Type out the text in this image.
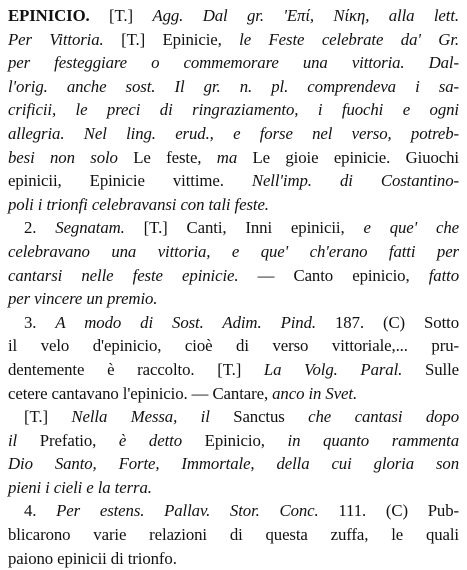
EPINICIO. [T.] Agg. Dal gr. 'Επί, Νίκη, alla lett.
Per Vittoria. [T.] Epinicie, le Feste celebrate da' Gr.
per festeggiare o commemorare una vittoria. Dal-
l'orig. anche sost. Il gr. n. pl. comprendeva i sa-
crificii, le preci di ringraziamento, i fuochi e ogni
allegria. Nel ling. erud., e forse nel verso, potreb-
besi non solo Le feste, ma Le gioie epinicie. Giuochi
epinicii, Epinicie vittime. Nell'imp. di Costantino-
poli i trionfi celebravansi con tali feste.
2. Segnatam. [T.] Canti, Inni epinicii, e que' che
celebravano una vittoria, e que' ch'erano fatti per
cantarsi nelle feste epinicie. — Canto epinicio, fatto
per vincere un premio.
3. A modo di Sost. Adim. Pind. 187. (C) Sotto
il velo d'epinicio, cioè di verso vittoriale,... pru-
dentemente è raccolto. [T.] La Volg. Paral. Sulle
cetere cantavano l'epinicio. — Cantare, anco in Svet.
[T.] Nella Messa, il Sanctus che cantasi dopo
il Prefatio, è detto Epinicio, in quanto rammenta
Dio Santo, Forte, Immortale, della cui gloria son
pieni i cieli e la terra.
4. Per estens. Pallav. Stor. Conc. 111. (C) Pub-
blicarono varie relazioni di questa zuffa, le quali
paiono epinicii di trionfo.
